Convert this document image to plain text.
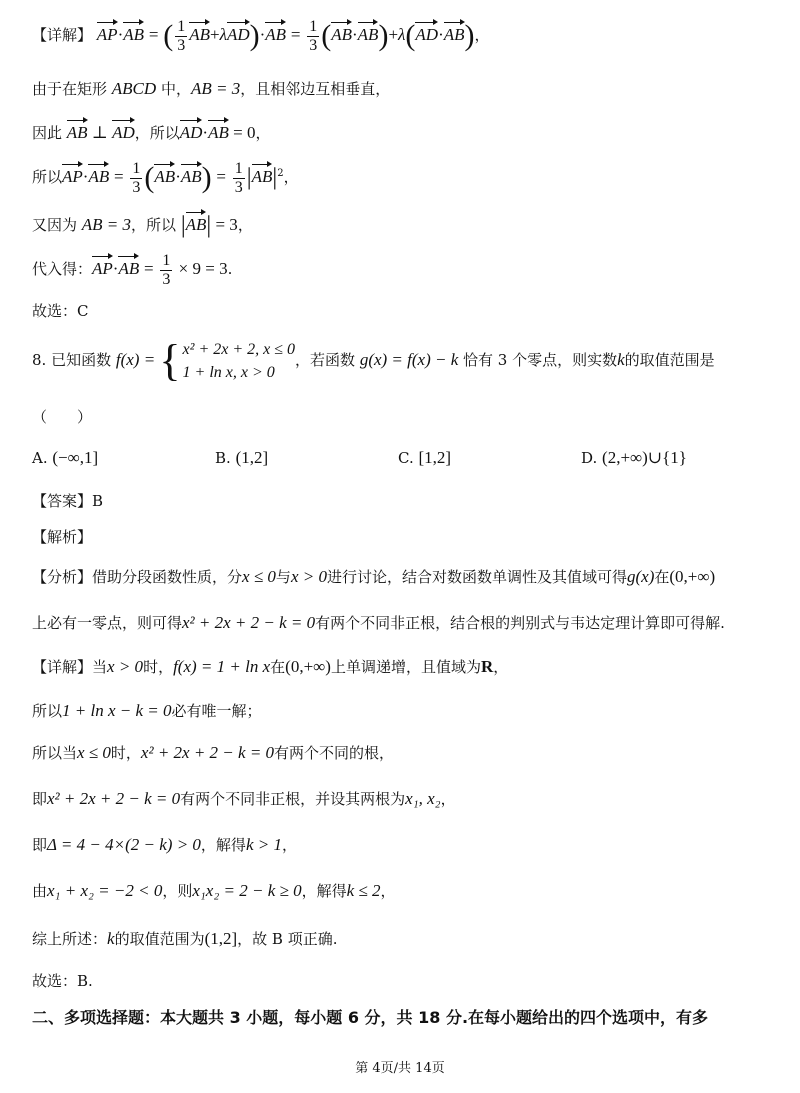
【详解】 AP·AB = ( $\frac{1}{3} AB+\lambda AD)\cdot AB = \frac{1}{3} (AB\cdot AB)+\lambda(AD\cdot AB)$，
由于在矩形 ABCD 中，AB = 3，且相邻边互相垂直，
因此 AB ⊥ AD，所以AD·AB = 0，
所以$AP\cdot AB = \frac{1}{3} (AB\cdot AB) = \frac{1}{3} |AB|^2$，
又因为 AB = 3，所以 |AB| = 3，
代入得：$AP\cdot AB = \frac{1}{3} \times 9 = 3$.
故选：C
8. 已知函数 f(x) = { x² + 2x + 2, x ≤ 0
1 + ln x, x > 0
，若函数 g(x) = f(x) − k 恰有 3 个零点，则实数k的取值范围是
（　　）
A. (−∞,1]	B. (1,2]	C. [1,2]	D. (2,+∞)∪{1}
【答案】B
【解析】
【分析】借助分段函数性质，分x ≤ 0与x > 0进行讨论，结合对数函数单调性及其值域可得g(x)在(0,+∞)
上必有一零点，则可得x² + 2x + 2 − k = 0有两个不同非正根，结合根的判别式与韦达定理计算即可得解.
【详解】当x > 0时，f(x) = 1 + ln x在(0,+∞)上单调递增，且值域为R，
所以1 + ln x − k = 0必有唯一解；
所以当x ≤ 0时，x² + 2x + 2 − k = 0有两个不同的根，
即x² + 2x + 2 − k = 0有两个不同非正根，并设其两根为x₁, x₂，
即Δ = 4 − 4×(2 − k) > 0，解得k > 1，
由x₁ + x₂ = −2 < 0，则x₁x₂ = 2 − k ≥ 0，解得k ≤ 2，
综上所述：k的取值范围为(1,2]，故 B 项正确.
故选：B.
二、多项选择题：本大题共 3 小题，每小题 6 分，共 18 分.在每小题给出的四个选项中，有多
第 4页/共 14页
